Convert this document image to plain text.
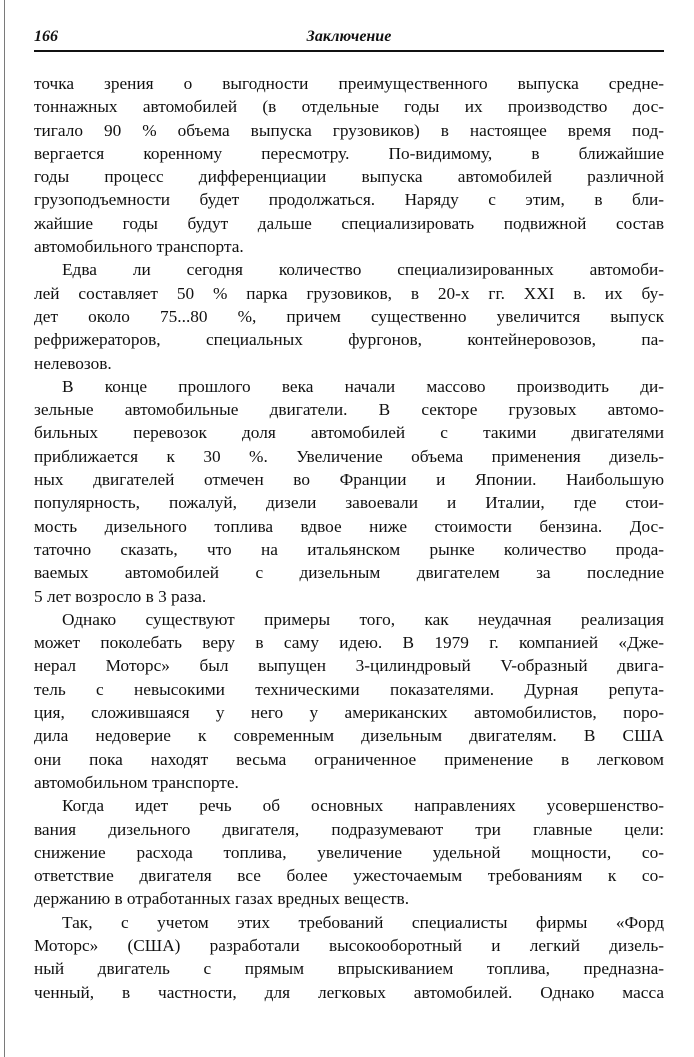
166	Заключение
точка зрения о выгодности преимущественного выпуска средне-
тоннажных автомобилей (в отдельные годы их производство дос-
тигало 90 % объема выпуска грузовиков) в настоящее время под-
вергается коренному пересмотру. По-видимому, в ближайшие
годы процесс дифференциации выпуска автомобилей различной
грузоподъемности будет продолжаться. Наряду с этим, в бли-
жайшие годы будут дальше специализировать подвижной состав
автомобильного транспорта.
Едва ли сегодня количество специализированных автомоби-
лей составляет 50 % парка грузовиков, в 20-х гг. XXI в. их бу-
дет около 75...80 %, причем существенно увеличится выпуск
рефрижераторов, специальных фургонов, контейнеровозов, па-
нелевозов.
В конце прошлого века начали массово производить ди-
зельные автомобильные двигатели. В секторе грузовых автомо-
бильных перевозок доля автомобилей с такими двигателями
приближается к 30 %. Увеличение объема применения дизель-
ных двигателей отмечен во Франции и Японии. Наибольшую
популярность, пожалуй, дизели завоевали и Италии, где стои-
мость дизельного топлива вдвое ниже стоимости бензина. Дос-
таточно сказать, что на итальянском рынке количество прода-
ваемых автомобилей с дизельным двигателем за последние
5 лет возросло в 3 раза.
Однако существуют примеры того, как неудачная реализация
может поколебать веру в саму идею. В 1979 г. компанией «Дже-
нерал Моторс» был выпущен 3-цилиндровый V-образный двига-
тель с невысокими техническими показателями. Дурная репута-
ция, сложившаяся у него у американских автомобилистов, поро-
дила недоверие к современным дизельным двигателям. В США
они пока находят весьма ограниченное применение в легковом
автомобильном транспорте.
Когда идет речь об основных направлениях усовершенство-
вания дизельного двигателя, подразумевают три главные цели:
снижение расхода топлива, увеличение удельной мощности, со-
ответствие двигателя все более ужесточаемым требованиям к со-
держанию в отработанных газах вредных веществ.
Так, с учетом этих требований специалисты фирмы «Форд
Моторс» (США) разработали высокооборотный и легкий дизель-
ный двигатель с прямым впрыскиванием топлива, предназна-
ченный, в частности, для легковых автомобилей. Однако масса
